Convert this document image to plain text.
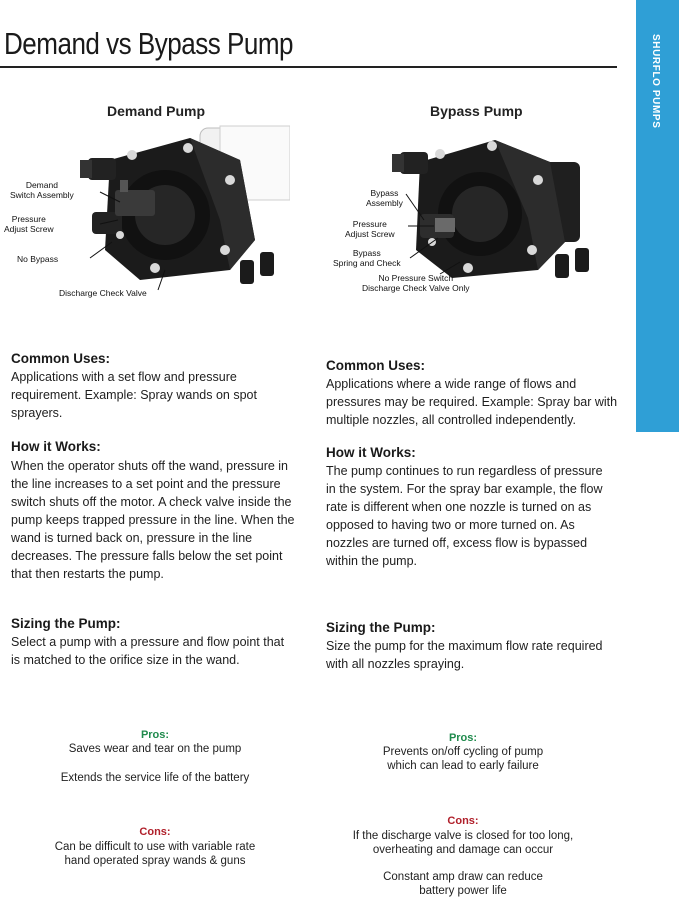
SHURFLO PUMPS
Demand vs Bypass Pump
Demand Pump	Bypass Pump
Demand
Switch Assembly
Pressure
Adjust Screw
No Bypass
Discharge Check Valve
Bypass
Assembly
Pressure
Adjust Screw
Bypass
Spring and Check
No Pressure Switch
Discharge Check Valve Only
Common Uses:
Applications with a set flow and pressure requirement. Example: Spray wands on spot sprayers.
How it Works:
When the operator shuts off the wand, pressure in the line increases to a set point and the pressure switch shuts off the motor. A check valve inside the pump keeps trapped pressure in the line. When the wand is turned back on, pressure in the line decreases. The pressure falls below the set point that then restarts the pump.
Sizing the Pump:
Select a pump with a pressure and flow point that is matched to the orifice size in the wand.
Common Uses:
Applications where a wide range of flows and pressures may be required. Example: Spray bar with multiple nozzles, all controlled independently.
How it Works:
The pump continues to run regardless of pressure in the system. For the spray bar example, the flow rate is different when one nozzle is turned on as opposed to having two or more turned on. As nozzles are turned off, excess flow is bypassed within the pump.
Sizing the Pump:
Size the pump for the maximum flow rate required with all nozzles spraying.
Pros:
Saves wear and tear on the pump
Extends the service life of the battery
Cons:
Can be difficult to use with variable rate
hand operated spray wands & guns
Pros:
Prevents on/off cycling of pump
which can lead to early failure
Cons:
If the discharge valve is closed for too long,
overheating and damage can occur
Constant amp draw can reduce
battery power life
